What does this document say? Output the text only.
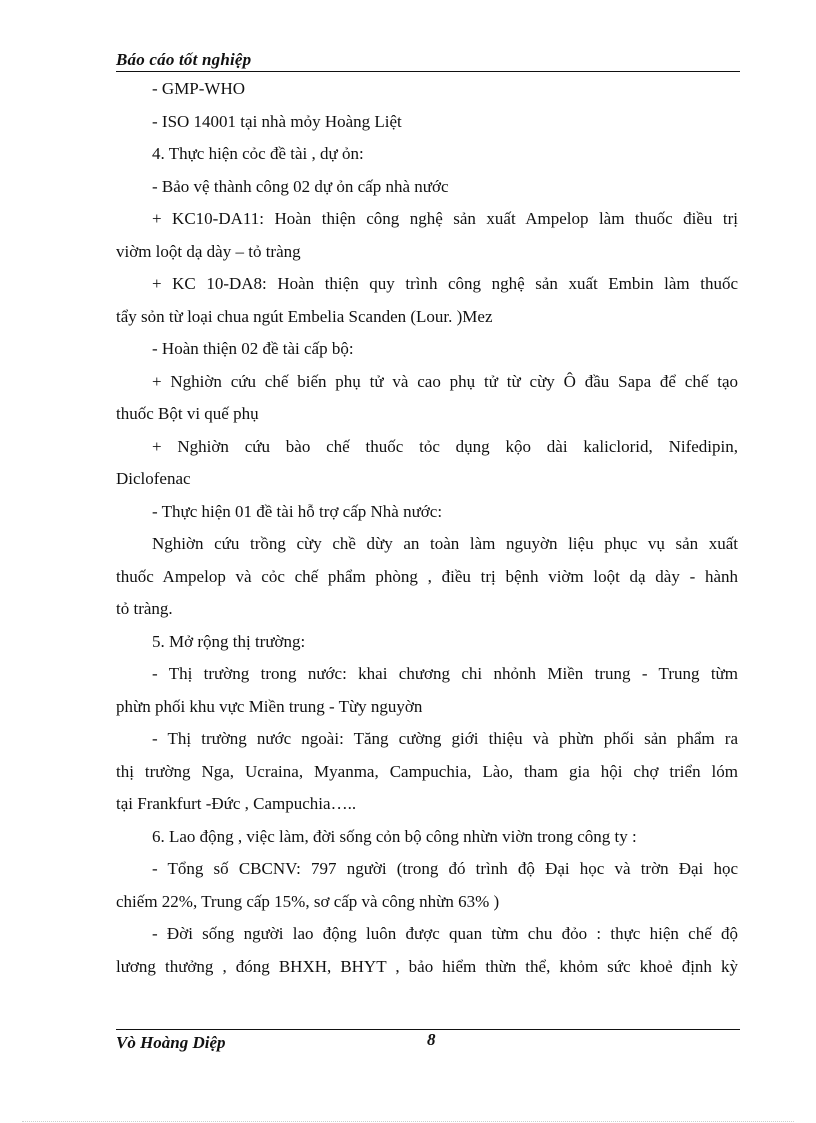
Báo cáo tốt nghiệp

- GMP-WHO

- ISO 14001 tại nhà mỏy Hoàng Liệt

4. Thực hiện cỏc đề tài , dự ỏn:

- Bảo vệ thành công 02 dự ỏn cấp nhà nước

+ KC10-DA11: Hoàn thiện công nghệ sản xuất Ampelop làm thuốc điều trị

viờm loột dạ dày – tỏ tràng

+ KC 10-DA8: Hoàn thiện quy trình công nghệ sản xuất Embin làm thuốc

tẩy sỏn từ loại chua ngút Embelia Scanden (Lour. )Mez

- Hoàn thiện 02 đề tài cấp bộ:

+ Nghiờn cứu chế biến phụ tử và cao phụ tử từ cừy Ô đầu Sapa để chế tạo

thuốc Bột vi quế phụ

+ Nghiờn cứu bào chế thuốc tỏc dụng kộo dài kaliclorid, Nifedipin,

Diclofenac

- Thực hiện 01 đề tài hỗ trợ cấp Nhà nước:

Nghiờn cứu trồng cừy chề dừy an toàn làm nguyờn liệu phục vụ sản xuất

thuốc Ampelop và cỏc chế phẩm phòng , điều trị bệnh viờm loột dạ dày - hành

tỏ tràng.

5. Mở rộng thị trường:

- Thị trường trong nước: khai chương chi nhỏnh Miền trung - Trung từm

phừn phối khu vực Miền trung - Từy nguyờn

- Thị trường nước ngoài: Tăng cường giới thiệu và phừn phối sản phẩm ra

thị trường Nga, Ucraina, Myanma, Campuchia, Lào, tham gia hội chợ triển lóm

tại Frankfurt -Đức , Campuchia…..

6. Lao động , việc làm, đời sống cỏn bộ công nhừn viờn trong công ty :

- Tổng số CBCNV: 797 người (trong đó trình độ Đại học và trờn Đại học

chiếm 22%, Trung cấp 15%, sơ cấp và công nhừn 63% )

- Đời sống người lao động luôn được quan từm chu đỏo : thực hiện chế độ

lương thưởng , đóng BHXH, BHYT , bảo hiểm thừn thể, khỏm sức khoẻ định kỳ

Vò Hoàng Diệp	8
